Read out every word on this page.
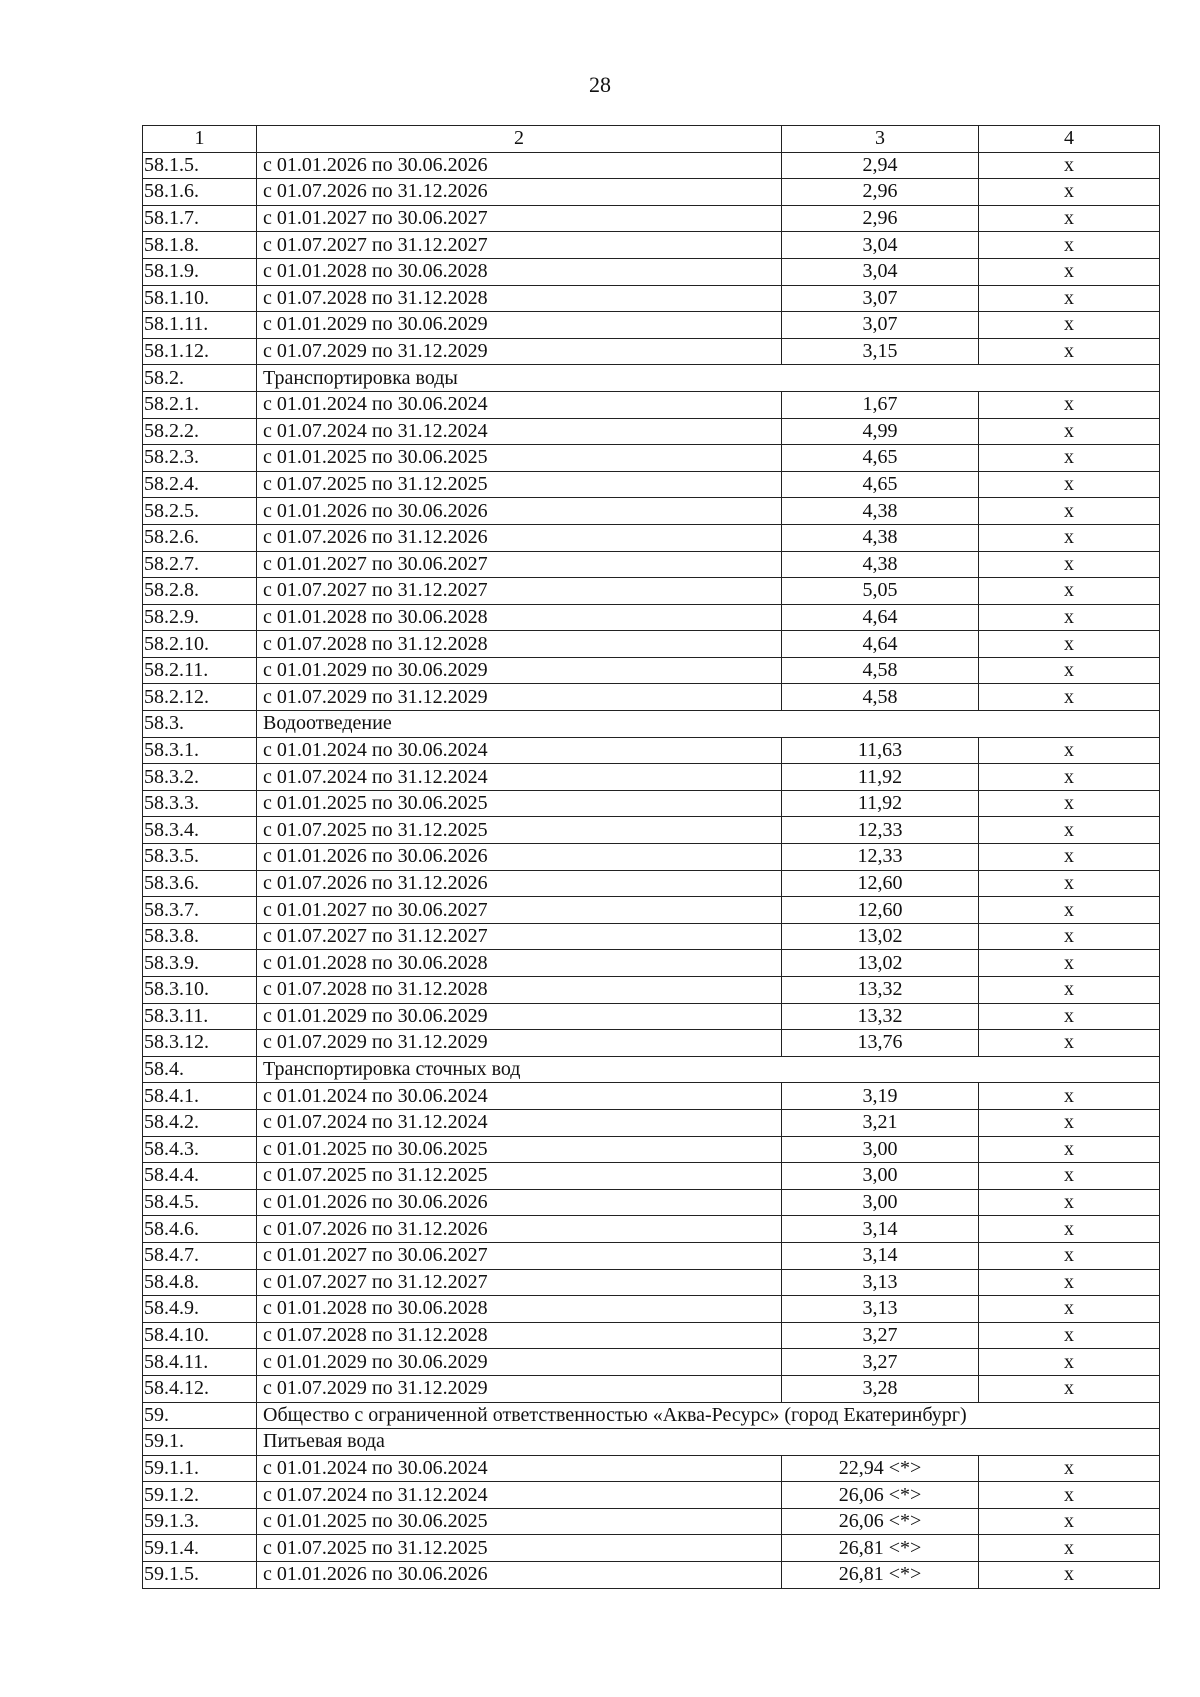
28
1	2	3	4
58.1.5.	с 01.01.2026 по 30.06.2026	2,94	х
58.1.6.	с 01.07.2026 по 31.12.2026	2,96	х
58.1.7.	с 01.01.2027 по 30.06.2027	2,96	х
58.1.8.	с 01.07.2027 по 31.12.2027	3,04	х
58.1.9.	с 01.01.2028 по 30.06.2028	3,04	х
58.1.10.	с 01.07.2028 по 31.12.2028	3,07	х
58.1.11.	с 01.01.2029 по 30.06.2029	3,07	х
58.1.12.	с 01.07.2029 по 31.12.2029	3,15	х
58.2.	Транспортировка воды		
58.2.1.	с 01.01.2024 по 30.06.2024	1,67	х
58.2.2.	с 01.07.2024 по 31.12.2024	4,99	х
58.2.3.	с 01.01.2025 по 30.06.2025	4,65	х
58.2.4.	с 01.07.2025 по 31.12.2025	4,65	х
58.2.5.	с 01.01.2026 по 30.06.2026	4,38	х
58.2.6.	с 01.07.2026 по 31.12.2026	4,38	х
58.2.7.	с 01.01.2027 по 30.06.2027	4,38	х
58.2.8.	с 01.07.2027 по 31.12.2027	5,05	х
58.2.9.	с 01.01.2028 по 30.06.2028	4,64	х
58.2.10.	с 01.07.2028 по 31.12.2028	4,64	х
58.2.11.	с 01.01.2029 по 30.06.2029	4,58	х
58.2.12.	с 01.07.2029 по 31.12.2029	4,58	х
58.3.	Водоотведение		
58.3.1.	с 01.01.2024 по 30.06.2024	11,63	х
58.3.2.	с 01.07.2024 по 31.12.2024	11,92	х
58.3.3.	с 01.01.2025 по 30.06.2025	11,92	х
58.3.4.	с 01.07.2025 по 31.12.2025	12,33	х
58.3.5.	с 01.01.2026 по 30.06.2026	12,33	х
58.3.6.	с 01.07.2026 по 31.12.2026	12,60	х
58.3.7.	с 01.01.2027 по 30.06.2027	12,60	х
58.3.8.	с 01.07.2027 по 31.12.2027	13,02	х
58.3.9.	с 01.01.2028 по 30.06.2028	13,02	х
58.3.10.	с 01.07.2028 по 31.12.2028	13,32	х
58.3.11.	с 01.01.2029 по 30.06.2029	13,32	х
58.3.12.	с 01.07.2029 по 31.12.2029	13,76	х
58.4.	Транспортировка сточных вод		
58.4.1.	с 01.01.2024 по 30.06.2024	3,19	х
58.4.2.	с 01.07.2024 по 31.12.2024	3,21	х
58.4.3.	с 01.01.2025 по 30.06.2025	3,00	х
58.4.4.	с 01.07.2025 по 31.12.2025	3,00	х
58.4.5.	с 01.01.2026 по 30.06.2026	3,00	х
58.4.6.	с 01.07.2026 по 31.12.2026	3,14	х
58.4.7.	с 01.01.2027 по 30.06.2027	3,14	х
58.4.8.	с 01.07.2027 по 31.12.2027	3,13	х
58.4.9.	с 01.01.2028 по 30.06.2028	3,13	х
58.4.10.	с 01.07.2028 по 31.12.2028	3,27	х
58.4.11.	с 01.01.2029 по 30.06.2029	3,27	х
58.4.12.	с 01.07.2029 по 31.12.2029	3,28	х
59.	Общество с ограниченной ответственностью «Аква-Ресурс» (город Екатеринбург)		
59.1.	Питьевая вода		
59.1.1.	с 01.01.2024 по 30.06.2024	22,94 <*>	х
59.1.2.	с 01.07.2024 по 31.12.2024	26,06 <*>	х
59.1.3.	с 01.01.2025 по 30.06.2025	26,06 <*>	х
59.1.4.	с 01.07.2025 по 31.12.2025	26,81 <*>	х
59.1.5.	с 01.01.2026 по 30.06.2026	26,81 <*>	х
